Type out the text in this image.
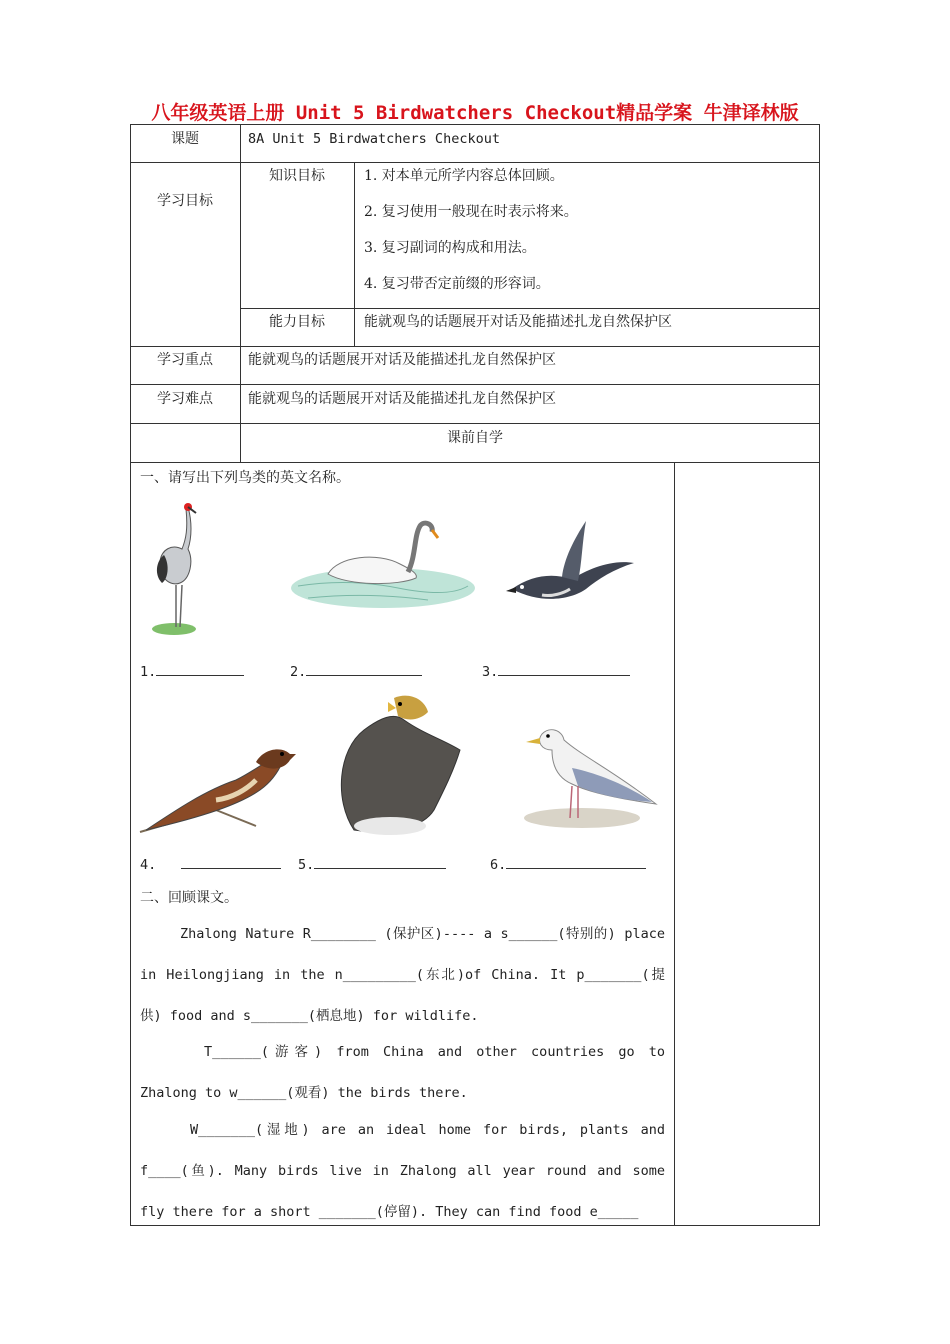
八年级英语上册 Unit 5 Birdwatchers Checkout精品学案 牛津译林版
课题	8A Unit 5 Birdwatchers Checkout
学习目标
知识目标	1. 对本单元所学内容总体回顾。
2. 复习使用一般现在时表示将来。
3. 复习副词的构成和用法。
4. 复习带否定前缀的形容词。
能力目标	能就观鸟的话题展开对话及能描述扎龙自然保护区
学习重点	能就观鸟的话题展开对话及能描述扎龙自然保护区
学习难点	能就观鸟的话题展开对话及能描述扎龙自然保护区
课前自学
一、请写出下列鸟类的英文名称。
1.	2.	3.
4.	5.	6.
二、回顾课文。
Zhalong Nature R________ (保护区)---- a s______(特别的) place in Heilongjiang in the n_________(东北)of China. It p_______(提供) food and s_______(栖息地) for wildlife.
T______(游客) from China and other countries go to Zhalong to w______(观看) the birds there.
W_______(湿地) are an ideal home for birds, plants and f____(鱼). Many birds live in Zhalong all year round and some fly there for a short _______(停留). They can find food e_____
